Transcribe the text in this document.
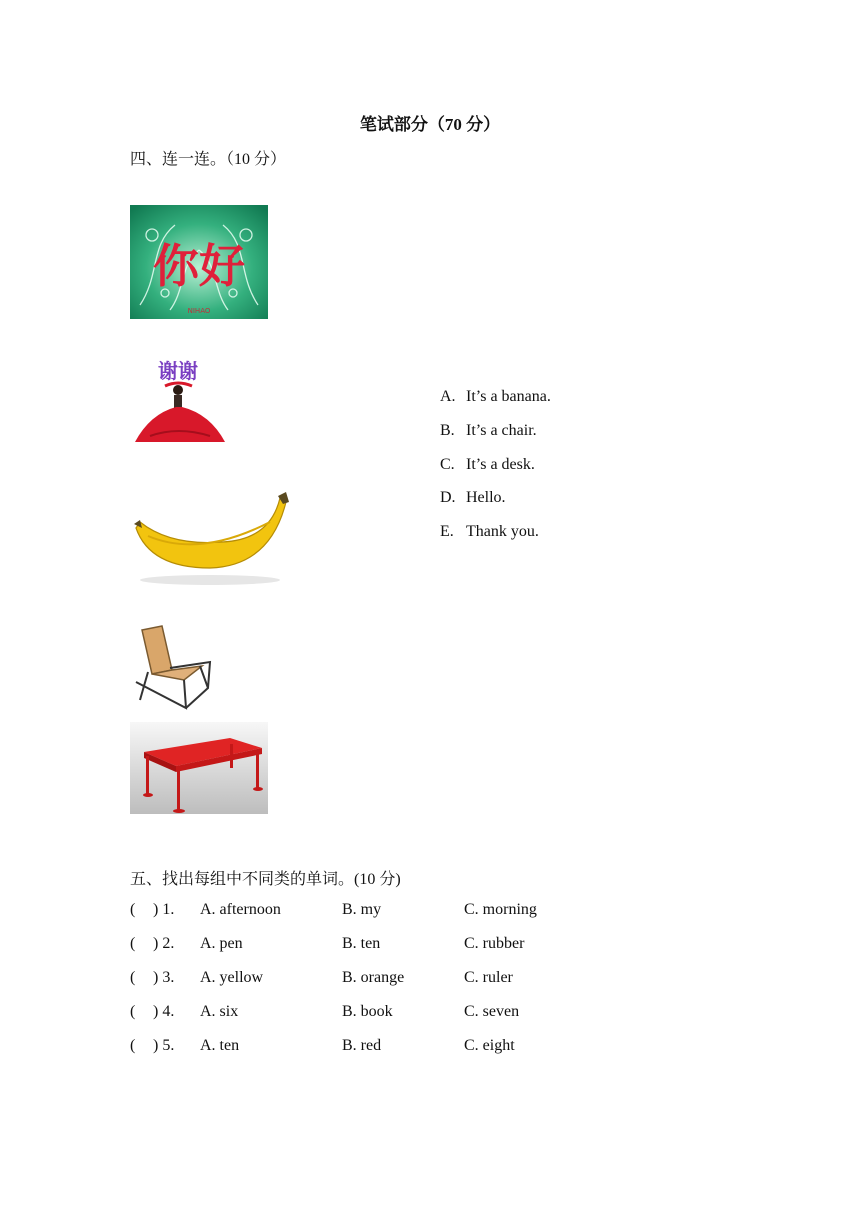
笔试部分（70 分）
四、连一连。（10 分）
你好
NIHAO
谢谢
A. It’s a banana.
B. It’s a chair.
C. It’s a desk.
D. Hello.
E. Thank you.
五、找出每组中不同类的单词。(10 分)
( ) 1. A. afternoon	B. my	C. morning
( ) 2. A. pen	B. ten	C. rubber
( ) 3. A. yellow	B. orange	C. ruler
( ) 4. A. six	B. book	C. seven
( ) 5. A. ten	B. red	C. eight
